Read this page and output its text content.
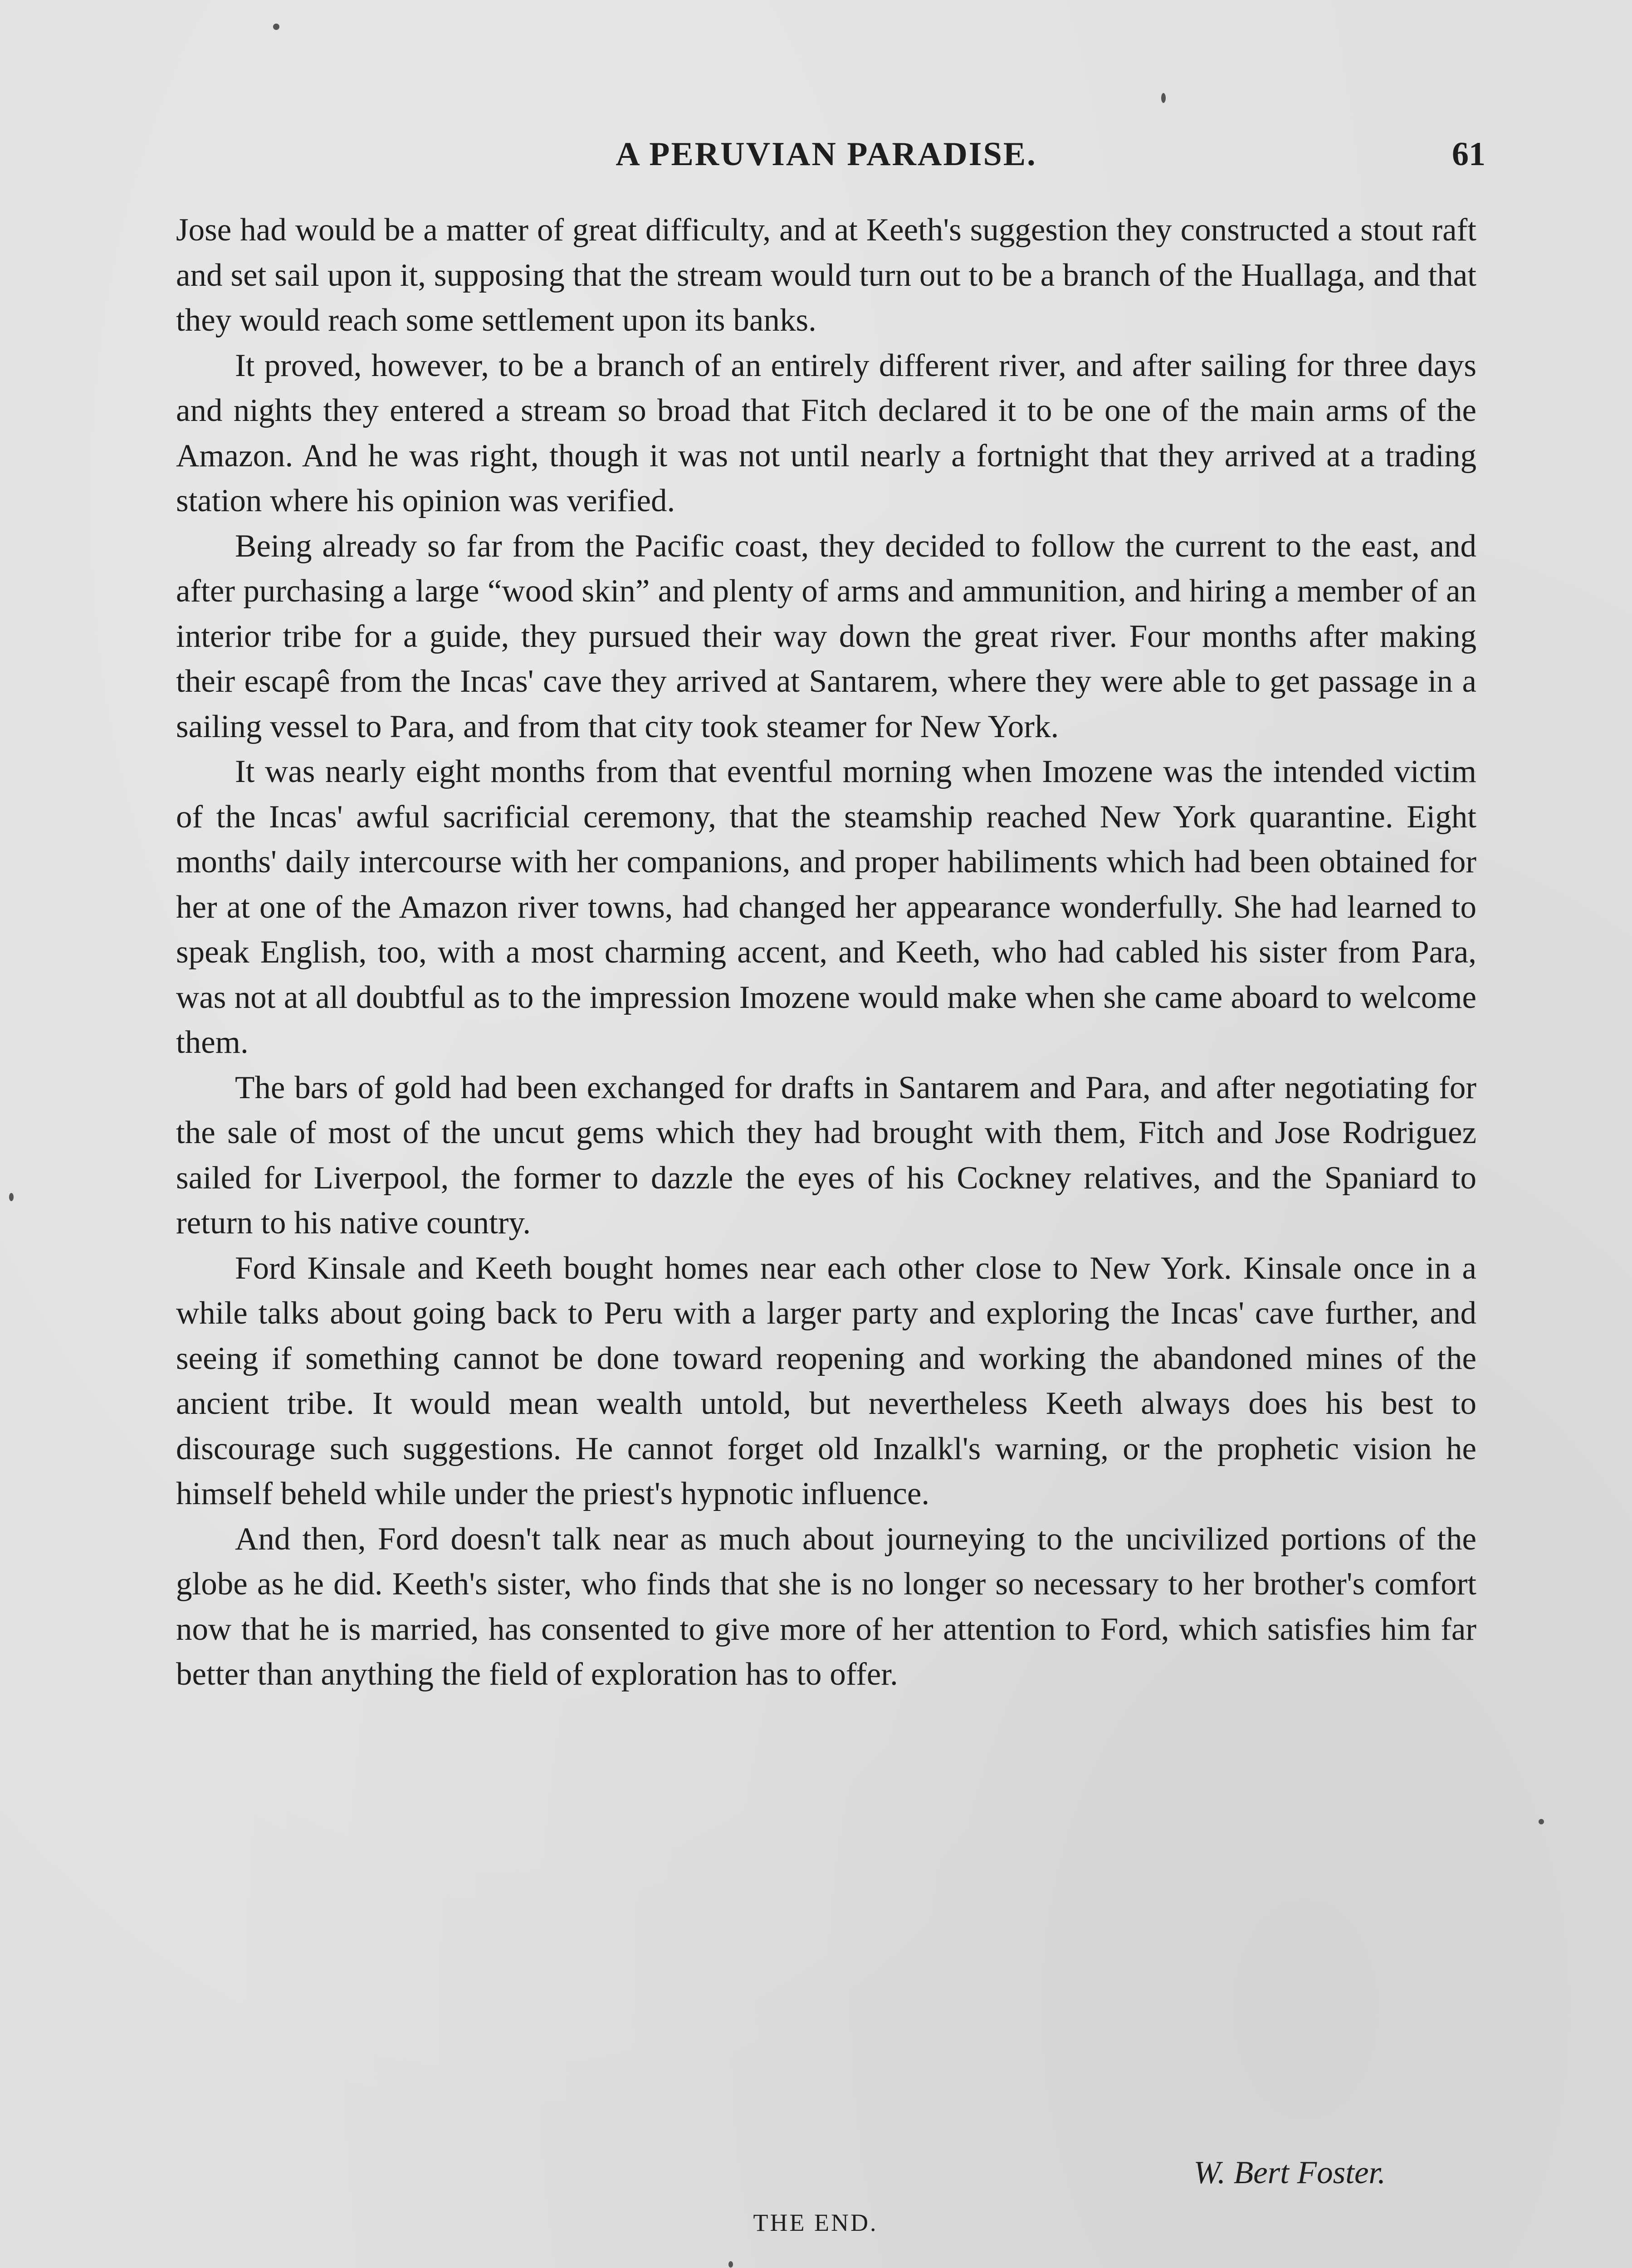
A PERUVIAN PARADISE.	61

Jose had would be a matter of great difficulty, and at Keeth's suggestion they constructed a stout raft and set sail upon it, supposing that the stream would turn out to be a branch of the Huallaga, and that they would reach some settlement upon its banks.

It proved, however, to be a branch of an entirely different river, and after sailing for three days and nights they entered a stream so broad that Fitch declared it to be one of the main arms of the Amazon. And he was right, though it was not until nearly a fortnight that they arrived at a trading station where his opinion was verified.

Being already so far from the Pacific coast, they decided to follow the current to the east, and after purchasing a large “wood skin” and plenty of arms and ammunition, and hiring a member of an interior tribe for a guide, they pursued their way down the great river. Four months after making their escapê from the Incas' cave they arrived at Santarem, where they were able to get passage in a sailing vessel to Para, and from that city took steamer for New York.

It was nearly eight months from that eventful morning when Imozene was the intended victim of the Incas' awful sacrificial ceremony, that the steamship reached New York quarantine. Eight months' daily intercourse with her companions, and proper habiliments which had been obtained for her at one of the Amazon river towns, had changed her appearance wonderfully. She had learned to speak English, too, with a most charming accent, and Keeth, who had cabled his sister from Para, was not at all doubtful as to the impression Imozene would make when she came aboard to welcome them.

The bars of gold had been exchanged for drafts in Santarem and Para, and after negotiating for the sale of most of the uncut gems which they had brought with them, Fitch and Jose Rodriguez sailed for Liverpool, the former to dazzle the eyes of his Cockney relatives, and the Spaniard to return to his native country.

Ford Kinsale and Keeth bought homes near each other close to New York. Kinsale once in a while talks about going back to Peru with a larger party and exploring the Incas' cave further, and seeing if something cannot be done toward reopening and working the abandoned mines of the ancient tribe. It would mean wealth untold, but nevertheless Keeth always does his best to discourage such suggestions. He cannot forget old Inzalkl's warning, or the prophetic vision he himself beheld while under the priest's hypnotic influence.

And then, Ford doesn't talk near as much about journeying to the uncivilized portions of the globe as he did. Keeth's sister, who finds that she is no longer so necessary to her brother's comfort now that he is married, has consented to give more of her attention to Ford, which satisfies him far better than anything the field of exploration has to offer.

W. Bert Foster.
THE END.
